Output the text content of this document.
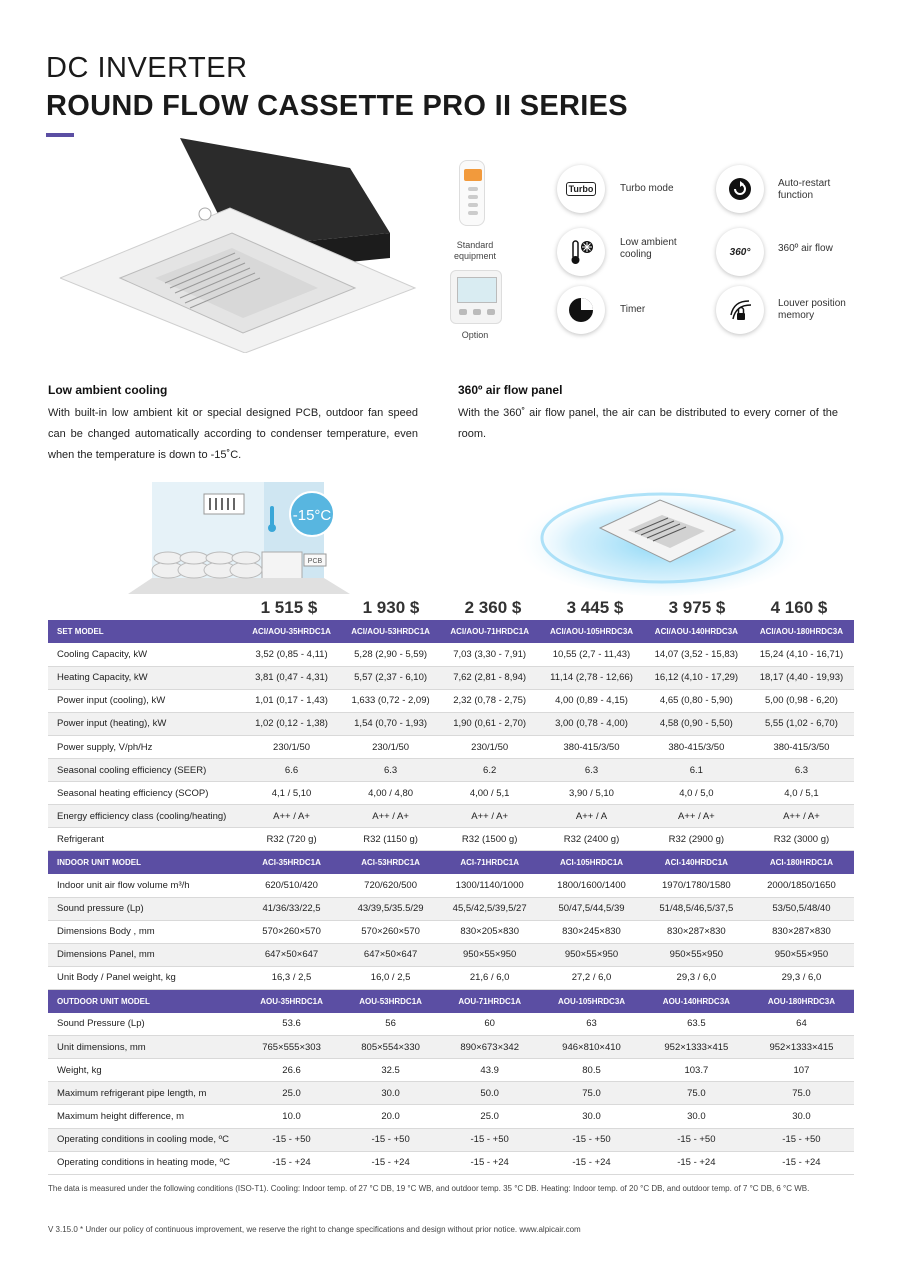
DC INVERTER
ROUND FLOW CASSETTE PRO II SERIES
Standard equipment
Option
Turbo	Turbo mode	Auto-restart function
Low ambient cooling	360°	360º air flow
Timer
Louver position memory
Low ambient cooling
With built-in low ambient kit or special designed PCB, outdoor fan speed can be changed automatically according to condenser temperature, even when the temperature is down to -15˚C.
360º air flow panel
With the 360˚ air flow panel, the air can be distributed to every corner of the room.
-15°C
PCB
1 515 $	1 930 $	2 360 $	3 445 $	3 975 $	4 160 $
SET MODEL	ACI/AOU-35HRDC1A	ACI/AOU-53HRDC1A	ACI/AOU-71HRDC1A	ACI/AOU-105HRDC3A	ACI/AOU-140HRDC3A	ACI/AOU-180HRDC3A
Cooling Capacity, kW	3,52 (0,85 - 4,11)	5,28 (2,90 - 5,59)	7,03 (3,30 - 7,91)	10,55 (2,7 - 11,43)	14,07 (3,52 - 15,83)	15,24 (4,10 - 16,71)
Heating Capacity, kW	3,81 (0,47 - 4,31)	5,57 (2,37 - 6,10)	7,62 (2,81 - 8,94)	11,14 (2,78 - 12,66)	16,12 (4,10 - 17,29)	18,17 (4,40 - 19,93)
Power input (cooling), kW	1,01 (0,17 - 1,43)	1,633 (0,72 - 2,09)	2,32 (0,78 - 2,75)	4,00 (0,89 - 4,15)	4,65 (0,80 - 5,90)	5,00 (0,98 - 6,20)
Power input (heating), kW	1,02 (0,12 - 1,38)	1,54 (0,70 - 1,93)	1,90 (0,61 - 2,70)	3,00 (0,78 - 4,00)	4,58 (0,90 - 5,50)	5,55 (1,02 - 6,70)
Power supply, V/ph/Hz	230/1/50	230/1/50	230/1/50	380-415/3/50	380-415/3/50	380-415/3/50
Seasonal cooling efficiency (SEER)	6.6	6.3	6.2	6.3	6.1	6.3
Seasonal heating efficiency (SCOP)	4,1 / 5,10	4,00 / 4,80	4,00 / 5,1	3,90 / 5,10	4,0 / 5,0	4,0 / 5,1
Energy efficiency class (cooling/heating)	A++ / A+	A++ / A+	A++ / A+	A++ / A	A++ / A+	A++ / A+
Refrigerant	R32 (720 g)	R32 (1150 g)	R32 (1500 g)	R32 (2400 g)	R32 (2900 g)	R32 (3000 g)
INDOOR UNIT MODEL	ACI-35HRDC1A	ACI-53HRDC1A	ACI-71HRDC1A	ACI-105HRDC1A	ACI-140HRDC1A	ACI-180HRDC1A
Indoor unit air flow volume m³/h	620/510/420	720/620/500	1300/1140/1000	1800/1600/1400	1970/1780/1580	2000/1850/1650
Sound pressure (Lp)	41/36/33/22,5	43/39,5/35.5/29	45,5/42,5/39,5/27	50/47,5/44,5/39	51/48,5/46,5/37,5	53/50,5/48/40
Dimensions Body , mm	570×260×570	570×260×570	830×205×830	830×245×830	830×287×830	830×287×830
Dimensions Panel, mm	647×50×647	647×50×647	950×55×950	950×55×950	950×55×950	950×55×950
Unit Body / Panel weight, kg	16,3 / 2,5	16,0 / 2,5	21,6 / 6,0	27,2 / 6,0	29,3 / 6,0	29,3 / 6,0
OUTDOOR UNIT MODEL	AOU-35HRDC1A	AOU-53HRDC1A	AOU-71HRDC1A	AOU-105HRDC3A	AOU-140HRDC3A	AOU-180HRDC3A
Sound Pressure (Lp)	53.6	56	60	63	63.5	64
Unit dimensions, mm	765×555×303	805×554×330	890×673×342	946×810×410	952×1333×415	952×1333×415
Weight, kg	26.6	32.5	43.9	80.5	103.7	107
Maximum refrigerant pipe length, m	25.0	30.0	50.0	75.0	75.0	75.0
Maximum height difference, m	10.0	20.0	25.0	30.0	30.0	30.0
Operating conditions in cooling mode, ºC	-15 - +50	-15 - +50	-15 - +50	-15 - +50	-15 - +50	-15 - +50
Operating conditions in heating mode, ºC	-15 - +24	-15 - +24	-15 - +24	-15 - +24	-15 - +24	-15 - +24
The data is measured under the following conditions (ISO-T1). Cooling: Indoor temp. of 27 °C DB, 19 °C WB, and outdoor temp. 35 °C DB. Heating: Indoor temp. of 20 °C DB, and outdoor temp. of 7 °C DB, 6 °C WB.
V 3.15.0 * Under our policy of continuous improvement, we reserve the right to change specifications and design without prior notice. www.alpicair.com
